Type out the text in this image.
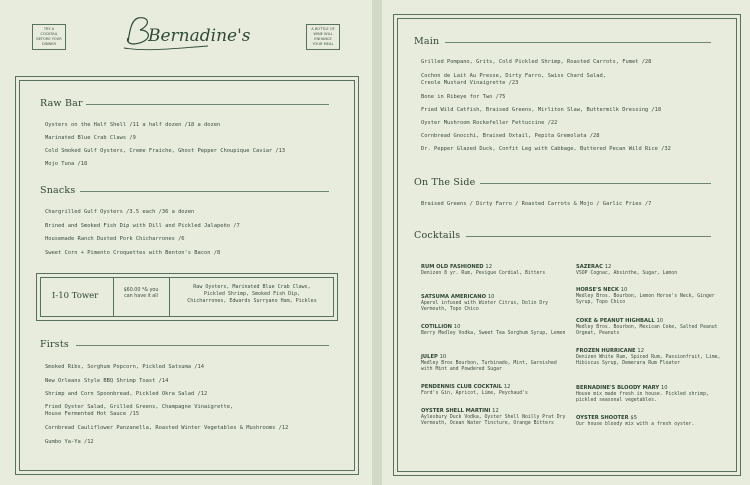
TRY A COCKTAIL BEFORE YOUR DINNER
A BOTTLE OF WINE WILL ENHANCE YOUR MEAL
Bernadine's
Raw Bar
Oysters on the Half Shell /11 a half dozen /18 a dozen
Marinated Blue Crab Claws /9
Cold Smoked Gulf Oysters, Creme Fraiche, Ghost Pepper Choupique Caviar /13
Mojo Tuna /18
Snacks
Chargrilled Gulf Oysters /3.5 each /36 a dozen
Brined and Smoked Fish Dip with Dill and Pickled Jalapeño /7
Housemade Ranch Dusted Pork Chicharrones /6
Sweet Corn + Pimento Croquettes with Benton's Bacon /8
I-10 Tower
$60.00 *& you
can have it all
Raw Oysters, Marinated Blue Crab Claws,
Pickled Shrimp, Smoked Fish Dip,
Chicharrones, Edwards Surryano Ham, Pickles
Firsts
Smoked Ribs, Sorghum Popcorn, Pickled Satsuma /14
New Orleans Style BBQ Shrimp Toast /14
Shrimp and Corn Spoonbread, Pickled Okra Salad /12
Fried Oyster Salad, Grilled Greens, Champagne Vinaigrette,
House Fermented Hot Sauce /15
Cornbread Cauliflower Panzanella, Roasted Winter Vegetables & Mushrooms /12
Gumbo Ya-Ya /12
Main
Grilled Pompano, Grits, Cold Pickled Shrimp, Roasted Carrots, Fumet /28
Cochon de Lait Au Presse, Dirty Farro, Swiss Chard Salad,
Creole Mustard Vinaigrette /23
Bone in Ribeye for Two /75
Fried Wild Catfish, Braised Greens, Mirliton Slaw, Buttermilk Dressing /18
Oyster Mushroom Rockefeller Fettuccine /22
Cornbread Gnocchi, Braised Oxtail, Pepita Gremolata /28
Dr. Pepper Glazed Duck, Confit Leg with Cabbage, Buttered Pecan Wild Rice /32
On The Side
Braised Greens / Dirty Farro / Roasted Carrots & Mojo / Garlic Fries /7
Cocktails
RUM OLD FASHIONED 12
Denizen 8 yr. Rum, Pevigue Cordial, Bitters
SATSUMA AMERICANO 10
Aperol infused with Winter Citrus, Dolin Dry Vermouth, Topo Chico
COTILLION 10
Berry Medley Vodka, Sweet Tea Sorghum Syrup, Lemon
JULEP 10
Medley Bros Bourbon, Turbinado, Mint, Garnished with Mint and Powdered Sugar
PENDENNIS CLUB COCKTAIL 12
Ford's Gin, Apricot, Lime, Peychaud's
OYSTER SHELL MARTINI 12
Aylesbury Duck Vodka, Oyster Shell Noilly Prat Dry Vermouth, Ocean Water Tincture, Orange Bitters
SAZERAC 12
VSOP Cognac, Absinthe, Sugar, Lemon
HORSE'S NECK 10
Medley Bros. Bourbon, Lemon Horse's Neck, Ginger Syrup, Topo Chico
COKE & PEANUT HIGHBALL 10
Medley Bros. Bourbon, Mexican Coke, Salted Peanut Orgeat, Peanuts
FROZEN HURRICANE 12
Denizen White Rum, Spiced Rum, Passionfruit, Lime, Hibiscus Syrup, Demerara Rum Floater
BERNADINE'S BLOODY MARY 10
House mix made fresh in house. Pickled shrimp, pickled seasonal vegetables.
OYSTER SHOOTER $5
Our house bloody mix with a fresh oyster.
